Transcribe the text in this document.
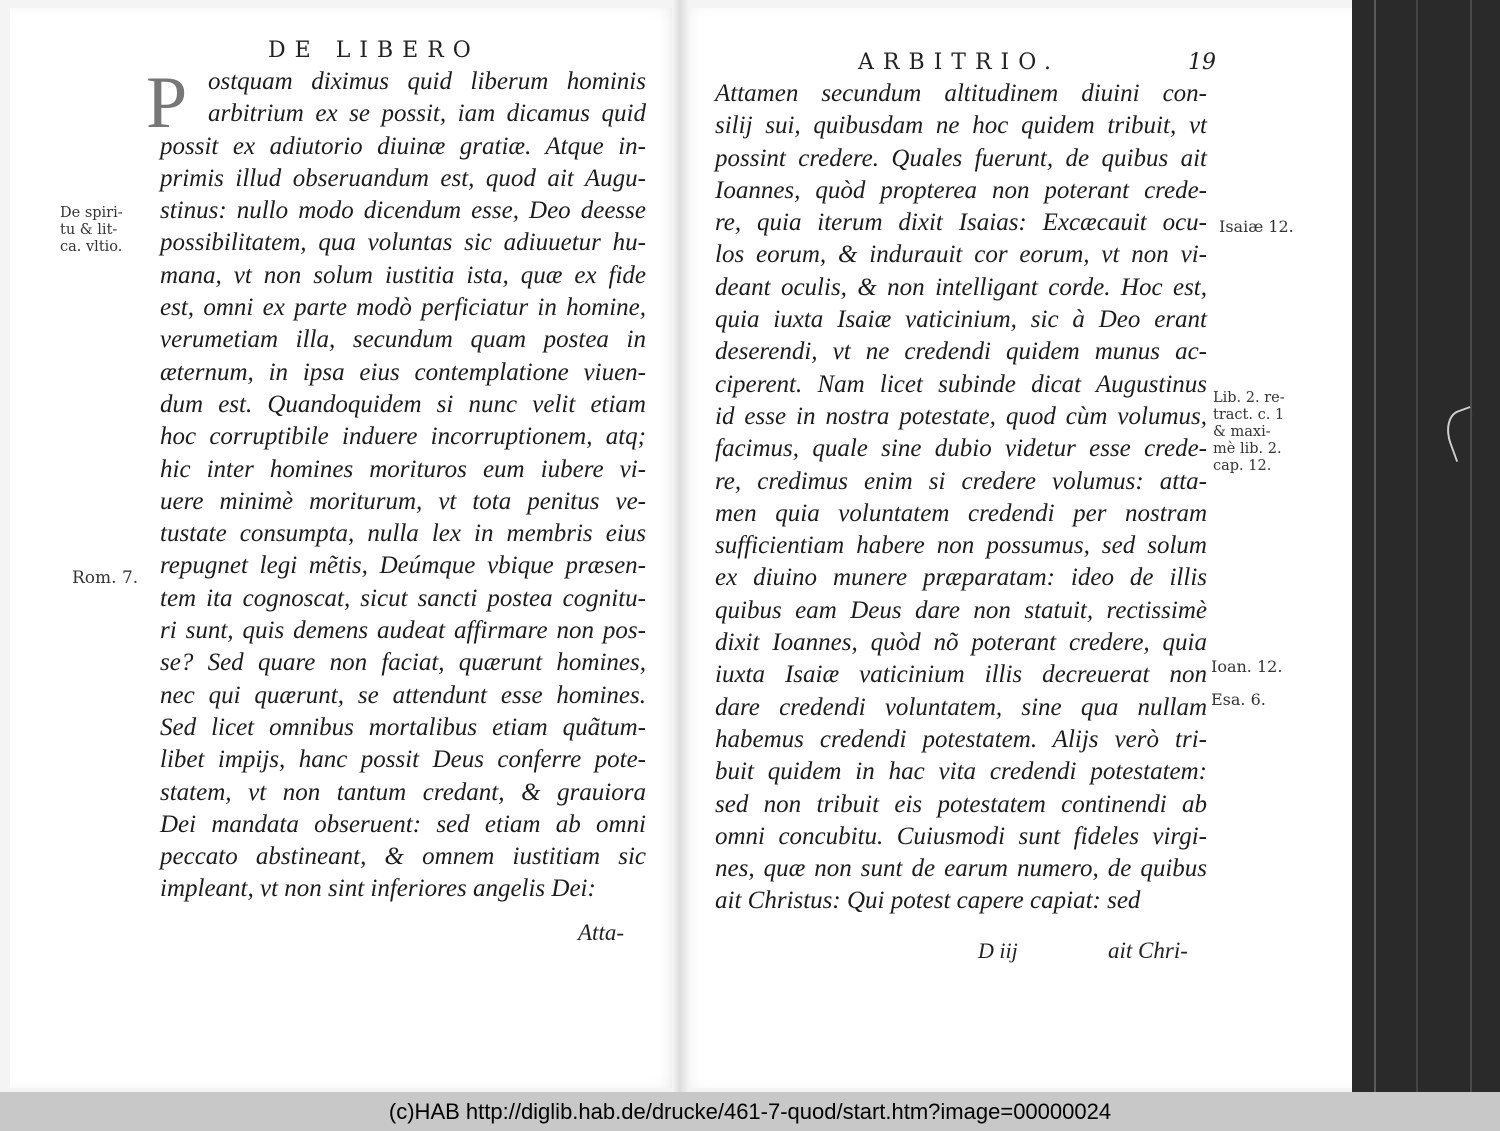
DE LIBERO
P ostquam diximus quid liberum hominis
arbitrium ex se possit, iam dicamus quid
possit ex adiutorio diuinæ gratiæ. Atque in-
primis illud obseruandum est, quod ait Augu-
stinus: nullo modo dicendum esse, Deo deesse
possibilitatem, qua voluntas sic adiuuetur hu-
mana, vt non solum iustitia ista, quæ ex fide
est, omni ex parte modò perficiatur in homine,
verumetiam illa, secundum quam postea in
æternum, in ipsa eius contemplatione viuen-
dum est. Quandoquidem si nunc velit etiam
hoc corruptibile induere incorruptionem, atq;
hic inter homines morituros eum iubere vi-
uere minimè moriturum, vt tota penitus ve-
tustate consumpta, nulla lex in membris eius
repugnet legi mẽtis, Deúmque vbique præsen-
tem ita cognoscat, sicut sancti postea cognitu-
ri sunt, quis demens audeat affirmare non pos-
se? Sed quare non faciat, quærunt homines,
nec qui quærunt, se attendunt esse homines.
Sed licet omnibus mortalibus etiam quãtum-
libet impijs, hanc possit Deus conferre pote-
statem, vt non tantum credant, & grauiora
Dei mandata obseruent: sed etiam ab omni
peccato abstineant, & omnem iustitiam sic
impleant, vt non sint inferiores angelis Dei:
De spiri-
tu & lit-
ca. vltio.
Rom. 7.
Atta-
ARBITRIO.	19
Attamen secundum altitudinem diuini con-
silij sui, quibusdam ne hoc quidem tribuit, vt
possint credere. Quales fuerunt, de quibus ait
Ioannes, quòd propterea non poterant crede-
re, quia iterum dixit Isaias: Excæcauit ocu-
los eorum, & indurauit cor eorum, vt non vi-
deant oculis, & non intelligant corde. Hoc est,
quia iuxta Isaiæ vaticinium, sic à Deo erant
deserendi, vt ne credendi quidem munus ac-
ciperent. Nam licet subinde dicat Augustinus
id esse in nostra potestate, quod cùm volumus,
facimus, quale sine dubio videtur esse crede-
re, credimus enim si credere volumus: atta-
men quia voluntatem credendi per nostram
sufficientiam habere non possumus, sed solum
ex diuino munere præparatam: ideo de illis
quibus eam Deus dare non statuit, rectissimè
dixit Ioannes, quòd nõ poterant credere, quia
iuxta Isaiæ vaticinium illis decreuerat non
dare credendi voluntatem, sine qua nullam
habemus credendi potestatem. Alijs verò tri-
buit quidem in hac vita credendi potestatem:
sed non tribuit eis potestatem continendi ab
omni concubitu. Cuiusmodi sunt fideles virgi-
nes, quæ non sunt de earum numero, de quibus
ait Christus: Qui potest capere capiat: sed
Isaiæ 12.
Lib. 2. re-
tract. c. 1
& maxi-
mè lib. 2.
cap. 12.
Ioan. 12.
Esa. 6.
D iij	ait Chri-
(c)HAB http://diglib.hab.de/drucke/461-7-quod/start.htm?image=00000024
